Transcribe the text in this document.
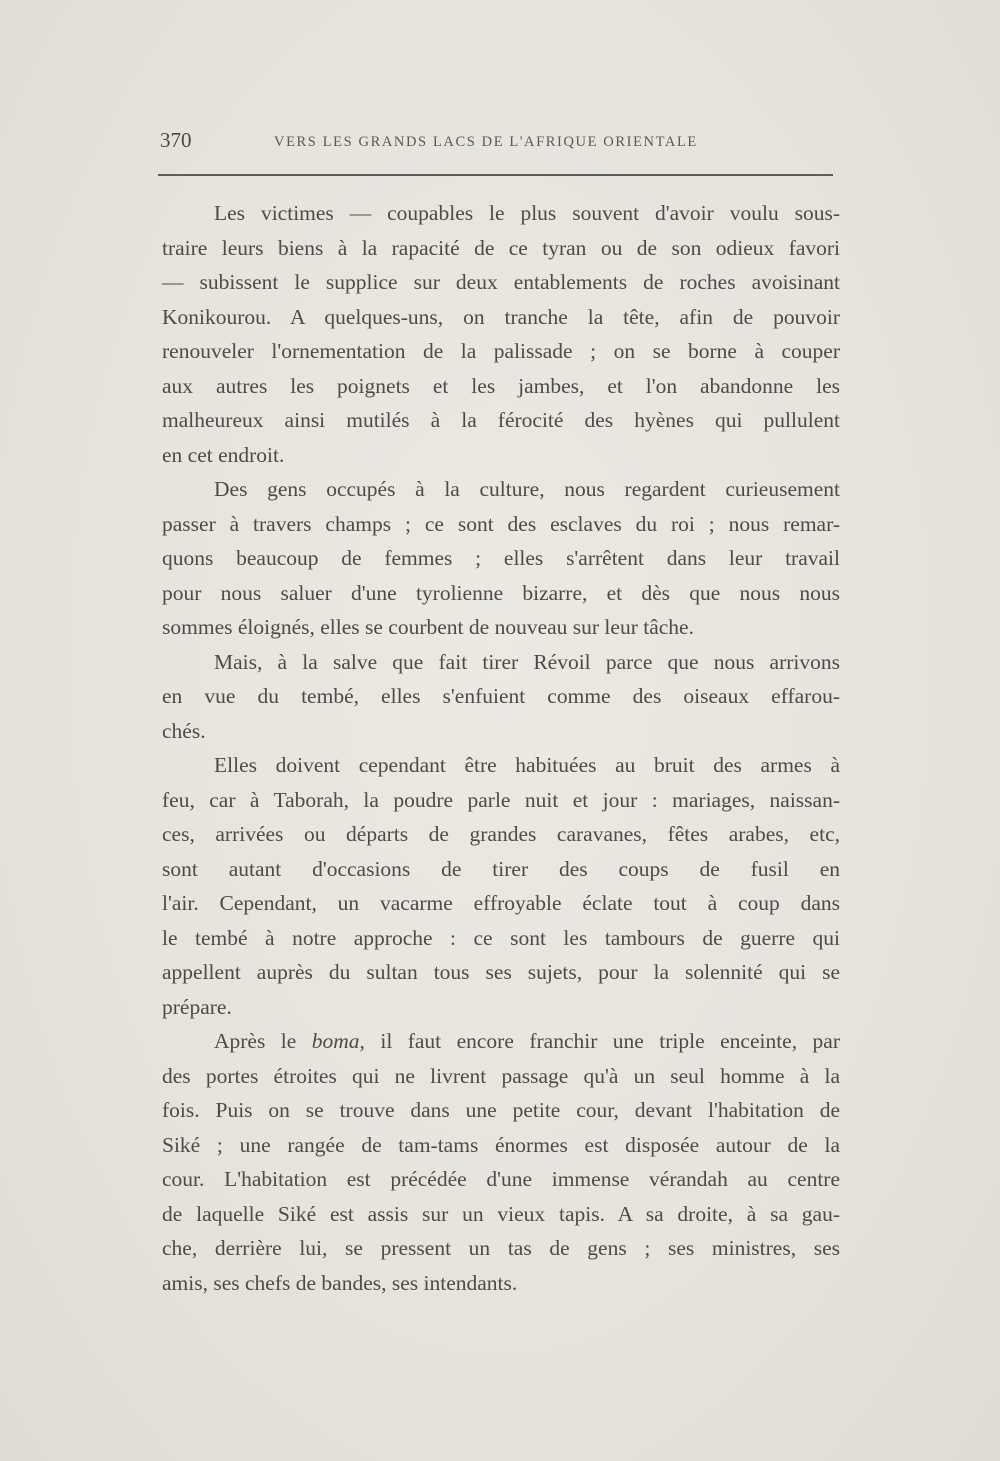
370	VERS LES GRANDS LACS DE L'AFRIQUE ORIENTALE
Les victimes — coupables le plus souvent d'avoir voulu sous-
traire leurs biens à la rapacité de ce tyran ou de son odieux favori
— subissent le supplice sur deux entablements de roches avoisinant
Konikourou. A quelques-uns, on tranche la tête, afin de pouvoir
renouveler l'ornementation de la palissade ; on se borne à couper
aux autres les poignets et les jambes, et l'on abandonne les
malheureux ainsi mutilés à la férocité des hyènes qui pullulent
en cet endroit.
Des gens occupés à la culture, nous regardent curieusement
passer à travers champs ; ce sont des esclaves du roi ; nous remar-
quons beaucoup de femmes ; elles s'arrêtent dans leur travail
pour nous saluer d'une tyrolienne bizarre, et dès que nous nous
sommes éloignés, elles se courbent de nouveau sur leur tâche.
Mais, à la salve que fait tirer Révoil parce que nous arrivons
en vue du tembé, elles s'enfuient comme des oiseaux effarou-
chés.
Elles doivent cependant être habituées au bruit des armes à
feu, car à Taborah, la poudre parle nuit et jour : mariages, naissan-
ces, arrivées ou départs de grandes caravanes, fêtes arabes, etc,
sont autant d'occasions de tirer des coups de fusil en
l'air. Cependant, un vacarme effroyable éclate tout à coup dans
le tembé à notre approche : ce sont les tambours de guerre qui
appellent auprès du sultan tous ses sujets, pour la solennité qui se
prépare.
Après le boma, il faut encore franchir une triple enceinte, par
des portes étroites qui ne livrent passage qu'à un seul homme à la
fois. Puis on se trouve dans une petite cour, devant l'habitation de
Siké ; une rangée de tam-tams énormes est disposée autour de la
cour. L'habitation est précédée d'une immense vérandah au centre
de laquelle Siké est assis sur un vieux tapis. A sa droite, à sa gau-
che, derrière lui, se pressent un tas de gens ; ses ministres, ses
amis, ses chefs de bandes, ses intendants.
